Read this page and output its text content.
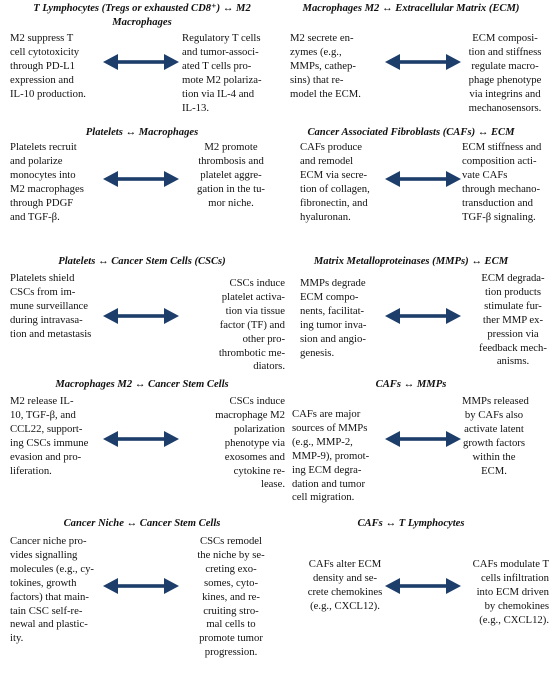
T Lymphocytes (Tregs or exhausted CD8⁺) ↔ M2
Macrophages
M2 suppress T
cell cytotoxicity
through PD-L1
expression and
IL-10 production.
Regulatory T cells
and tumor-associ-
ated T cells pro-
mote M2 polariza-
tion via IL-4 and
IL-13.
Macrophages M2 ↔ Extracellular Matrix (ECM)
M2 secrete en-
zymes (e.g.,
MMPs, cathep-
sins) that re-
model the ECM.
ECM composi-
tion and stiffness
regulate macro-
phage phenotype
via integrins and
mechanosensors.
Platelets ↔ Macrophages
Platelets recruit
and polarize
monocytes into
M2 macrophages
through PDGF
and TGF-β.
M2 promote
thrombosis and
platelet aggre-
gation in the tu-
mor niche.
Cancer Associated Fibroblasts (CAFs) ↔ ECM
CAFs produce
and remodel
ECM via secre-
tion of collagen,
fibronectin, and
hyaluronan.
ECM stiffness and
composition acti-
vate CAFs
through mechano-
transduction and
TGF-β signaling.
Platelets ↔ Cancer Stem Cells (CSCs)
Platelets shield
CSCs from im-
mune surveillance
during intravasa-
tion and metastasis
CSCs induce
platelet activa-
tion via tissue
factor (TF) and
other pro-
thrombotic me-
diators.
Matrix Metalloproteinases (MMPs) ↔ ECM
MMPs degrade
ECM compo-
nents, facilitat-
ing tumor inva-
sion and angio-
genesis.
ECM degrada-
tion products
stimulate fur-
ther MMP ex-
pression via
feedback mech-
anisms.
Macrophages M2 ↔ Cancer Stem Cells
M2 release IL-
10, TGF-β, and
CCL22, support-
ing CSCs immune
evasion and pro-
liferation.
CSCs induce
macrophage M2
polarization
phenotype via
exosomes and
cytokine re-
lease.
CAFs ↔ MMPs
CAFs are major
sources of MMPs
(e.g., MMP-2,
MMP-9), promot-
ing ECM degra-
dation and tumor
cell migration.
MMPs released
by CAFs also
activate latent
growth factors
within the
ECM.
Cancer Niche ↔ Cancer Stem Cells
Cancer niche pro-
vides signalling
molecules (e.g., cy-
tokines, growth
factors) that main-
tain CSC self-re-
newal and plastic-
ity.
CSCs remodel
the niche by se-
creting exo-
somes, cyto-
kines, and re-
cruiting stro-
mal cells to
promote tumor
progression.
CAFs ↔ T Lymphocytes
CAFs alter ECM
density and se-
crete chemokines
(e.g., CXCL12).
CAFs modulate T
cells infiltration
into ECM driven
by chemokines
(e.g., CXCL12).
